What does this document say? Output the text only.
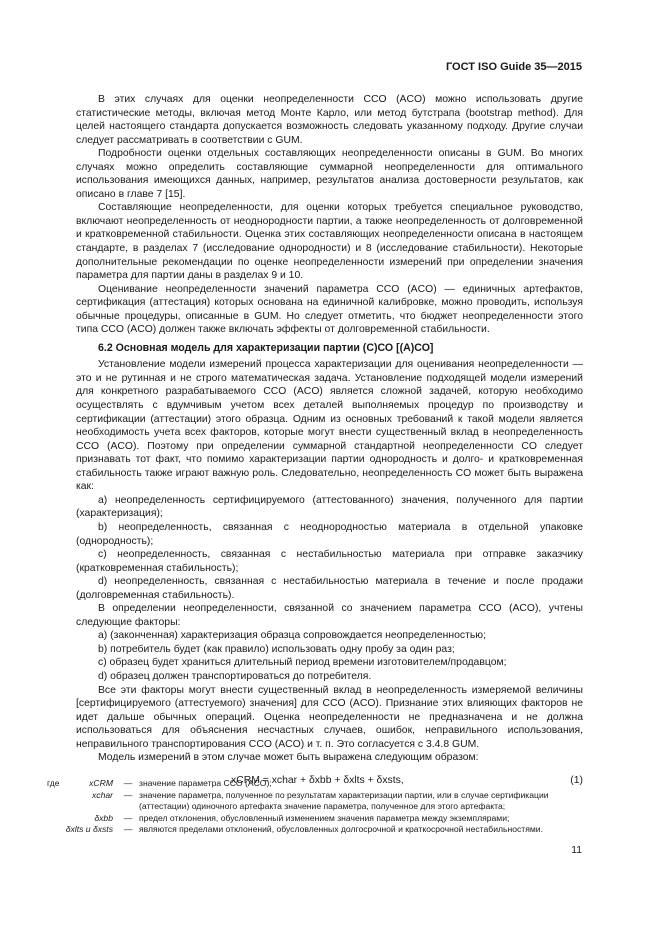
ГОСТ ISO Guide 35—2015

В этих случаях для оценки неопределенности CCO (ACO) можно использовать другие статистические методы, включая метод Монте Карло, или метод бутстрапа (bootstrap method). Для целей настоящего стандарта допускается возможность следовать указанному подходу. Другие случаи следует рассматривать в соответствии с GUM.

Подробности оценки отдельных составляющих неопределенности описаны в GUM. Во многих случаях можно определить составляющие суммарной неопределенности для оптимального использования имеющихся данных, например, результатов анализа достоверности результатов, как описано в главе 7 [15].

Составляющие неопределенности, для оценки которых требуется специальное руководство, включают неопределенность от неоднородности партии, а также неопределенность от долговременной и кратковременной стабильности. Оценка этих составляющих неопределенности описана в настоящем стандарте, в разделах 7 (исследование однородности) и 8 (исследование стабильности). Некоторые дополнительные рекомендации по оценке неопределенности измерений при определении значения параметра для партии даны в разделах 9 и 10.

Оценивание неопределенности значений параметра CCO (ACO) — единичных артефактов, сертификация (аттестация) которых основана на единичной калибровке, можно проводить, используя обычные процедуры, описанные в GUM. Но следует отметить, что бюджет неопределенности этого типа CCO (ACO) должен также включать эффекты от долговременной стабильности.

6.2 Основная модель для характеризации партии (С)СО [(А)СО]

Установление модели измерений процесса характеризации для оценивания неопределенности — это и не рутинная и не строго математическая задача. Установление подходящей модели измерений для конкретного разрабатываемого CCO (ACO) является сложной задачей, которую необходимо осуществлять с вдумчивым учетом всех деталей выполняемых процедур по производству и сертификации (аттестации) этого образца. Одним из основных требований к такой модели является необходимость учета всех факторов, которые могут внести существенный вклад в неопределенность CCO (ACO). Поэтому при определении суммарной стандартной неопределенности CO следует признавать тот факт, что помимо характеризации партии однородность и долго- и кратковременная стабильность также играют важную роль. Следовательно, неопределенность CO может быть выражена как:

a) неопределенность сертифицируемого (аттестованного) значения, полученного для партии (характеризация);

b) неопределенность, связанная с неоднородностью материала в отдельной упаковке (однородность);

c) неопределенность, связанная с нестабильностью материала при отправке заказчику (кратковременная стабильность);

d) неопределенность, связанная с нестабильностью материала в течение и после продажи (долговременная стабильность).

В определении неопределенности, связанной со значением параметра CCO (ACO), учтены следующие факторы:

a) (законченная) характеризация образца сопровождается неопределенностью;

b) потребитель будет (как правило) использовать одну пробу за один раз;

c) образец будет храниться длительный период времени изготовителем/продавцом;

d) образец должен транспортироваться до потребителя.

Все эти факторы могут внести существенный вклад в неопределенность измеряемой величины [сертифицируемого (аттестуемого) значения] для CCO (ACO). Признание этих влияющих факторов не идет дальше обычных операций. Оценка неопределенности не предназначена и не должна использоваться для объяснения несчастных случаев, ошибок, неправильного использования, неправильного транспортирования CCO (ACO) и т. п. Это согласуется с 3.4.8 GUM.

Модель измерений в этом случае может быть выражена следующим образом:

xCRM = xchar + δxbb + δxlts + δxsts,	(1)
где	xCRM	—	значение параметра CCO (ACO);
	xchar	—	значение параметра, полученное по результатам характеризации партии, или в случае сертификации (аттестации) одиночного артефакта значение параметра, полученное для этого артефакта;
	δxbb	—	предел отклонения, обусловленный изменением значения параметра между экземплярами;
δxlts и δxsts		—	являются пределами отклонений, обусловленных долгосрочной и краткосрочной нестабильностями.
11
